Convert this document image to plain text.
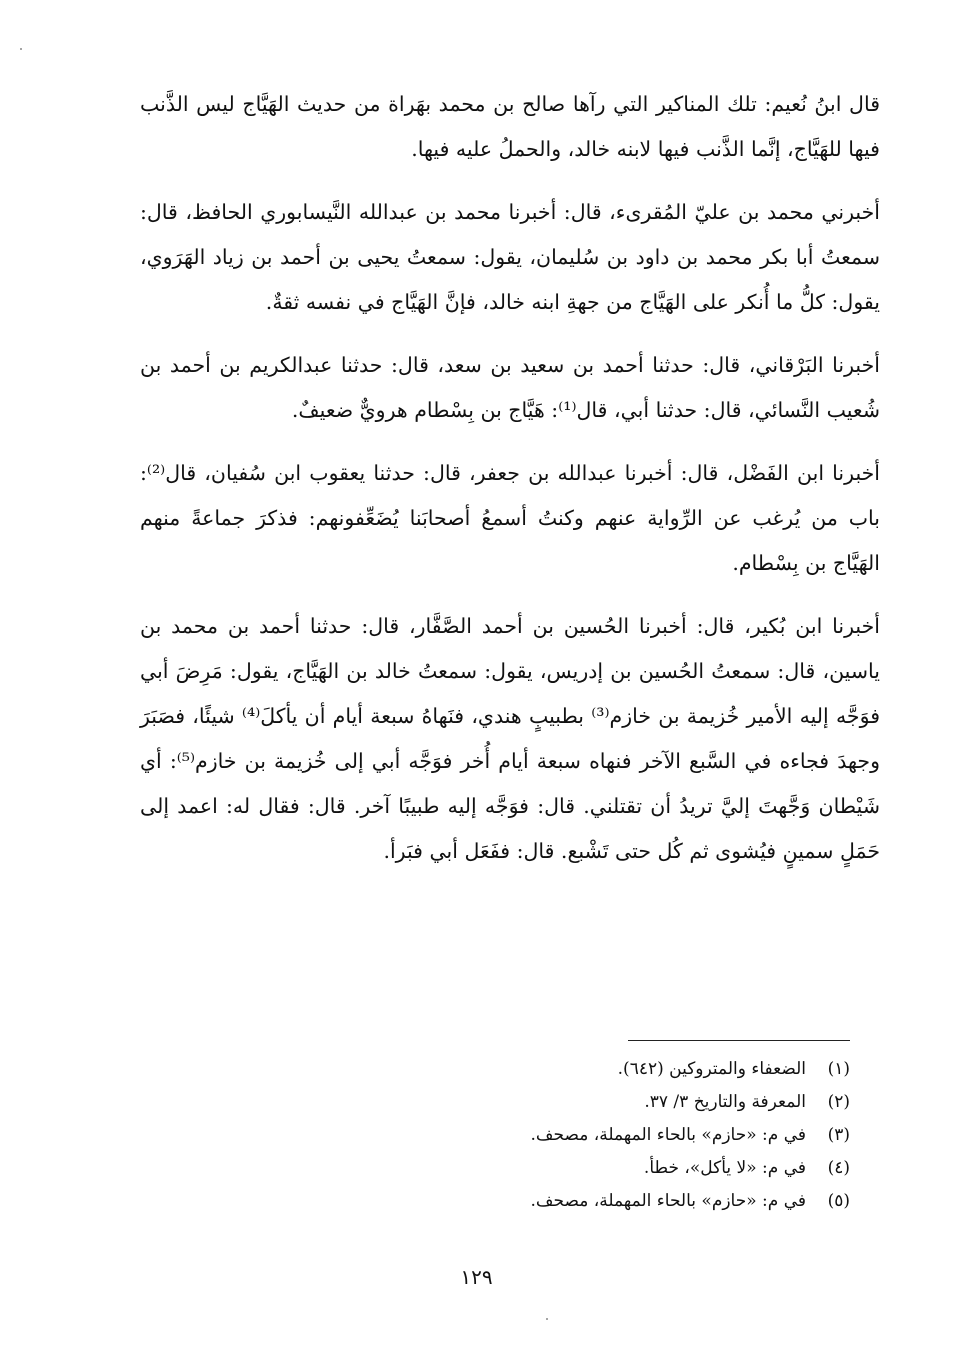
قال ابنُ نُعيم: تلك المناكير التي رآها صالح بن محمد بهَراة من حديث الهَيَّاج ليس الذَّنب فيها للهَيَّاج، إنَّما الذَّنب فيها لابنه خالد، والحملُ عليه فيها.

أخبرني محمد بن عليّ المُقرىء، قال: أخبرنا محمد بن عبدالله النَّيسابوري الحافظ، قال: سمعتُ أبا بكر محمد بن داود بن سُليمان، يقول: سمعتُ يحيى بن أحمد بن زياد الهَرَوي، يقول: كلُّ ما أُنكر على الهَيَّاج من جهةِ ابنه خالد، فإنَّ الهَيَّاج في نفسه ثقةٌ.

أخبرنا البَرْقاني، قال: حدثنا أحمد بن سعيد بن سعد، قال: حدثنا عبدالكريم بن أحمد بن شُعيب النَّسائي، قال: حدثنا أبي، قال⁽¹⁾: هَيَّاج بن بِسْطام هرويٌّ ضعيفٌ.

أخبرنا ابن الفَضْل، قال: أخبرنا عبدالله بن جعفر، قال: حدثنا يعقوب ابن سُفيان، قال⁽²⁾: باب من يُرغب عن الرِّواية عنهم وكنتُ أسمعُ أصحابَنا يُضَعِّفونهم: فذكرَ جماعةً منهم الهَيَّاج بن بِسْطام.

أخبرنا ابن بُكير، قال: أخبرنا الحُسين بن أحمد الصَّفَّار، قال: حدثنا أحمد بن محمد بن ياسين، قال: سمعتُ الحُسين بن إدريس، يقول: سمعتُ خالد بن الهَيَّاج، يقول: مَرِضَ أبي فوَجَّه إليه الأمير خُزيمة بن خازم⁽³⁾ بطبيبٍ هندي، فنَهاهُ سبعة أيام أن يأكلَ⁽⁴⁾ شيئًا، فصَبَرَ وجهدَ فجاءه في السَّبع الآخر فنهاه سبعة أيام أُخر فوَجَّه أبي إلى خُزيمة بن خازم⁽⁵⁾: أي شَيْطان وَجَّهتَ إليَّ تريدُ أن تقتلني. قال: فوَجَّه إليه طبيبًا آخر. قال: فقال له: اعمد إلى حَمَلٍ سمينٍ فيُشوى ثم كُل حتى تَشْبع. قال: ففَعَل أبي فبَرأ.

(١)
الضعفاء والمتروكين (٦٤٢).
(٢)
المعرفة والتاريخ ٣/ ٣٧.
(٣)
في م: «حازم» بالحاء المهملة، مصحف.
(٤)
في م: «لا يأكل»، خطأ.
(٥)
في م: «حازم» بالحاء المهملة، مصحف.
١٢٩
